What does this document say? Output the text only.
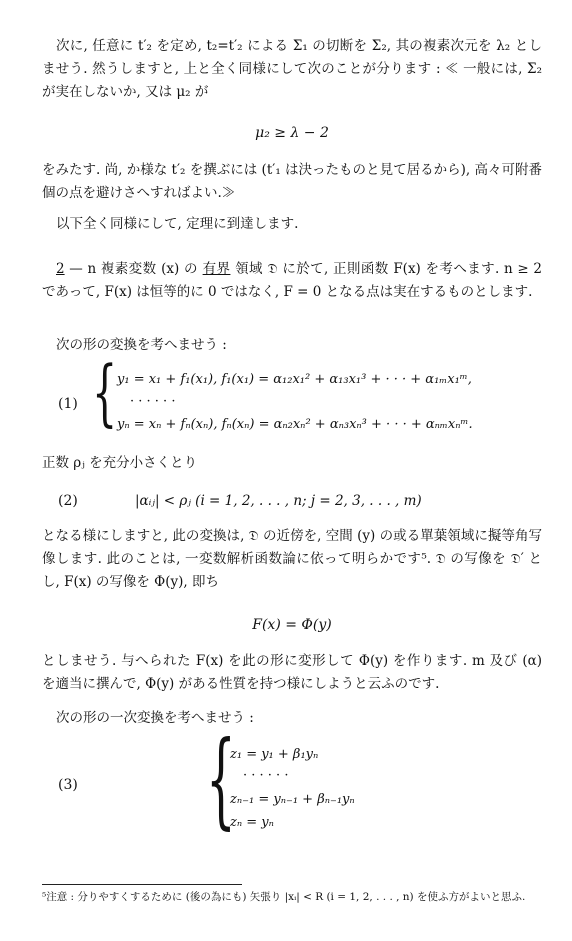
次に, 任意に t′₂ を定め, t₂=t′₂ による Σ₁ の切断を Σ₂, 其の複素次元を λ₂ としませう. 然うしますと, 上と全く同様にして次のことが分ります : ≪ 一般には, Σ₂ が実在しないか, 又は μ₂ が

μ₂ ≥ λ − 2

をみたす. 尚, か様な t′₂ を撰ぶには (t′₁ は決ったものと見て居るから), 高々可附番個の点を避けさへすればよい.≫

以下全く同様にして, 定理に到達します.

2 — n 複素変数 (x) の 有界 領域 𝔇 に於て, 正則函数 F(x) を考へます. n ≥ 2 であって, F(x) は恒等的に 0 ではなく, F = 0 となる点は実在するものとします.

次の形の変換を考へませう :

(1) { y₁ = x₁ + f₁(x₁), f₁(x₁) = α₁₂x₁² + α₁₃x₁³ + · · · + α₁ₘx₁ᵐ,
· · · · · ·
yₙ = xₙ + fₙ(xₙ), fₙ(xₙ) = αₙ₂xₙ² + αₙ₃xₙ³ + · · · + αₙₘxₙᵐ.

正数 ρⱼ を充分小さくとり

(2)	|αᵢⱼ| < ρⱼ (i = 1, 2, . . . , n; j = 2, 3, . . . , m)

となる様にしますと, 此の変換は, 𝔇 の近傍を, 空間 (y) の或る單葉領域に擬等角写像します. 此のことは, 一変数解析函数論に依って明らかです⁵. 𝔇 の写像を 𝔇′ とし, F(x) の写像を Φ(y), 即ち

F(x) = Φ(y)

としませう. 与へられた F(x) を此の形に変形して Φ(y) を作ります. m 及び (α) を適当に撰んで, Φ(y) がある性質を持つ様にしようと云ふのです.

次の形の一次変換を考へませう :

(3) {
z₁ = y₁ + β₁yₙ
· · · · · ·
zₙ₋₁ = yₙ₋₁ + βₙ₋₁yₙ
zₙ = yₙ
⁵注意 : 分りやすくするために (後の為にも) 矢張り |xᵢ| < R (i = 1, 2, . . . , n) を使ふ方がよいと思ふ.
